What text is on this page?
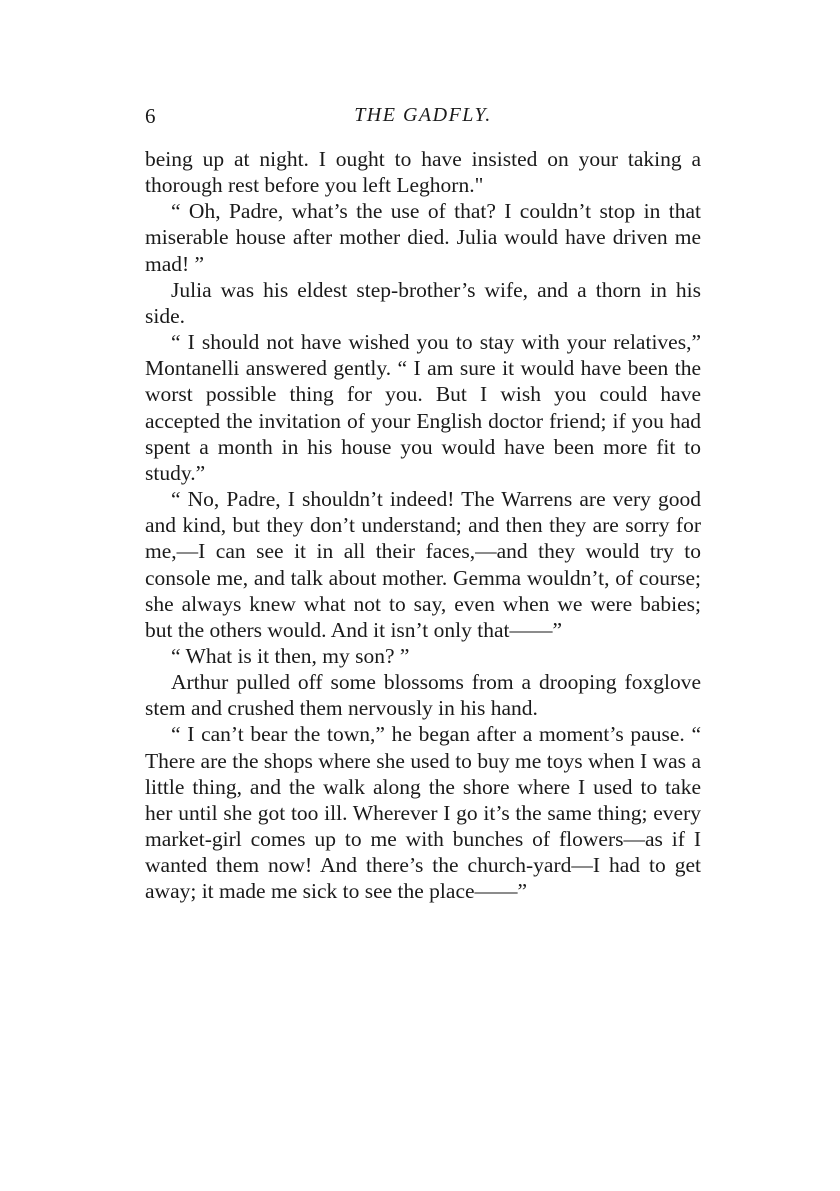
6	THE GADFLY.

being up at night. I ought to have insisted on your taking a thorough rest before you left Leghorn."

“ Oh, Padre, what’s the use of that? I couldn’t stop in that miserable house after mother died. Julia would have driven me mad! ”

Julia was his eldest step-brother’s wife, and a thorn in his side.

“ I should not have wished you to stay with your relatives,” Montanelli answered gently. “ I am sure it would have been the worst possible thing for you. But I wish you could have accepted the invitation of your English doctor friend; if you had spent a month in his house you would have been more fit to study.”

“ No, Padre, I shouldn’t indeed! The Warrens are very good and kind, but they don’t understand; and then they are sorry for me,—I can see it in all their faces,—and they would try to console me, and talk about mother. Gemma wouldn’t, of course; she always knew what not to say, even when we were babies; but the others would. And it isn’t only that——”

“ What is it then, my son? ”

Arthur pulled off some blossoms from a drooping foxglove stem and crushed them nervously in his hand.

“ I can’t bear the town,” he began after a moment’s pause. “ There are the shops where she used to buy me toys when I was a little thing, and the walk along the shore where I used to take her until she got too ill. Wherever I go it’s the same thing; every market-girl comes up to me with bunches of flowers—as if I wanted them now! And there’s the church-yard—I had to get away; it made me sick to see the place——”
